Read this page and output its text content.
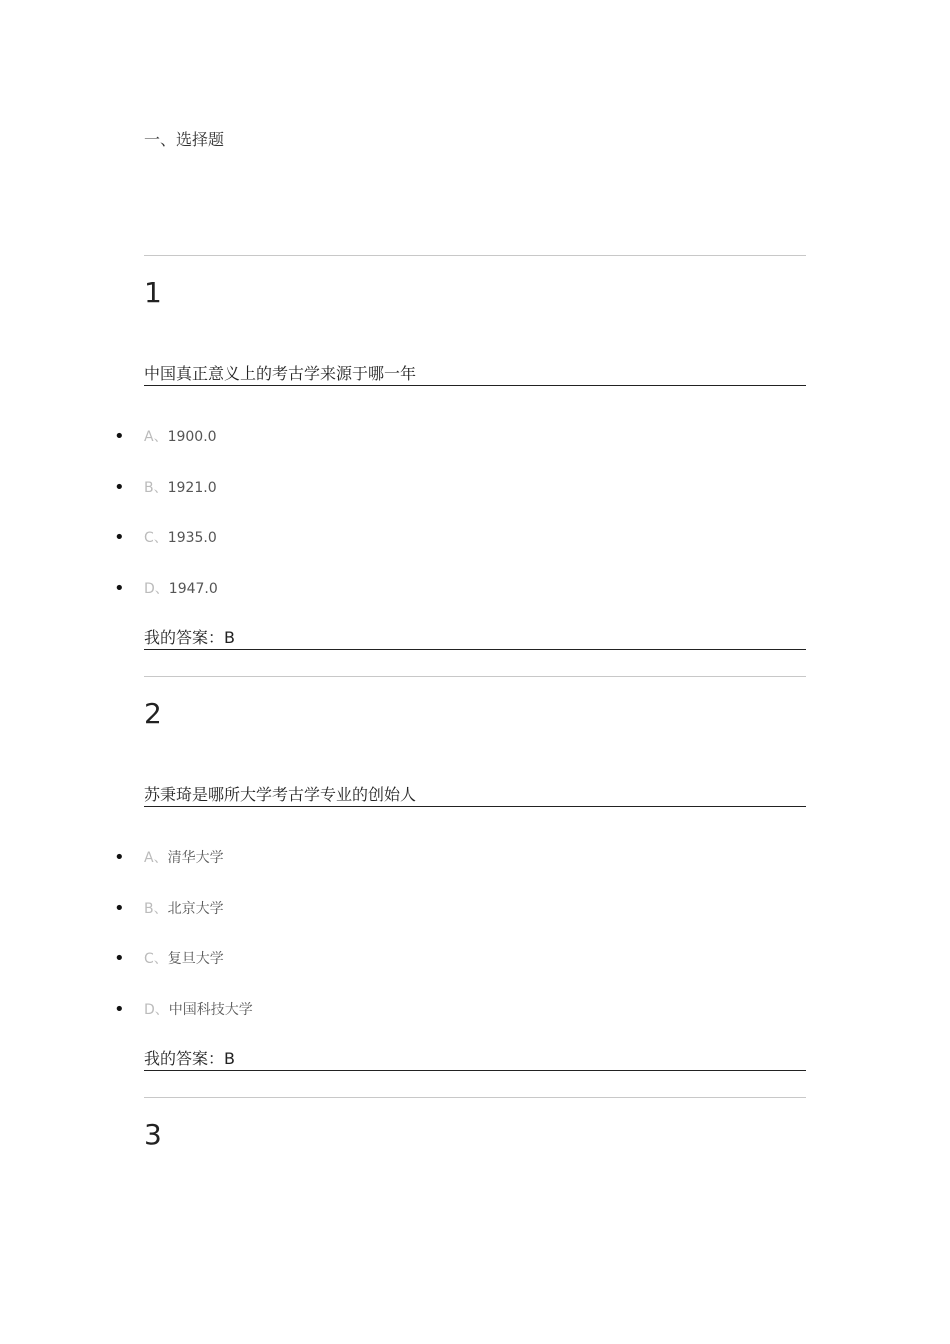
一、选择题
1
中国真正意义上的考古学来源于哪一年
• A、1900.0
• B、1921.0
• C、1935.0
• D、1947.0
我的答案：B
2
苏秉琦是哪所大学考古学专业的创始人
• A、清华大学
• B、北京大学
• C、复旦大学
• D、中国科技大学
我的答案：B
3
